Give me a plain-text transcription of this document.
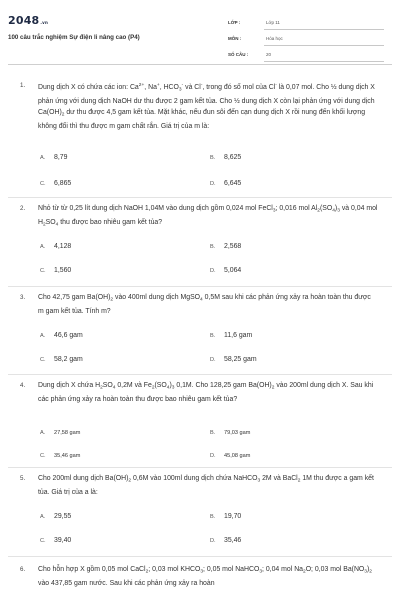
2048.vn
100 câu trắc nghiệm Sự điện li nâng cao (P4)
LỚP :	Lớp 11
MÔN :	Hóa học
SỐ CÂU :	20
1. Dung dịch X có chứa các ion: $Ca^{2+}$, Na+, $HCO_3^-$ và Cl-, trong đó số mol của Cl- là 0,07 mol. Cho ½ dung dịch X phản ứng với dung dịch NaOH dư thu được 2 gam kết tủa. Cho ½ dung dịch X còn lại phản ứng với dung dịch $Ca(OH)_2$ dư thu được 4,5 gam kết tủa. Mặt khác, nếu đun sôi đến cạn dung dịch X rồi nung đến khối lượng không đổi thì thu được m gam chất rắn. Giá trị của m là:
A. 8,79	B. 8,625
C. 6,865	D. 6,645
2. Nhỏ từ từ 0,25 lít dung dịch NaOH 1,04M vào dung dịch gồm 0,024 mol FeCl$_3$; 0,016 mol $Al_2(SO_4)_3$ và 0,04 mol $H_2SO_4$ thu được bao nhiêu gam kết tủa?
A. 4,128	B. 2,568
C. 1,560	D. 5,064
3. Cho 42,75 gam $Ba(OH)_2$ vào 400ml dung dịch MgSO$_4$ 0,5M sau khi các phản ứng xảy ra hoàn toàn thu được m gam kết tủa. Tính m?
A. 46,6 gam	B. 11,6 gam
C. 58,2 gam	D. 58,25 gam
4. Dung dịch X chứa $H_2SO_4$ 0,2M và $Fe_2(SO_4)_3$ 0,1M. Cho 128,25 gam $Ba(OH)_2$ vào 200ml dung dịch X. Sau khi các phản ứng xảy ra hoàn toàn thu được bao nhiêu gam kết tủa?
A. 27,58 gam	B. 79,03 gam
C. 35,46 gam	D. 45,08 gam
5. Cho 200ml dung dịch $Ba(OH)_2$ 0,6M vào 100ml dung dịch chứa NaHCO$_3$ 2M và BaCl$_2$ 1M thu được a gam kết tủa. Giá trị của a là:
A. 29,55	B. 19,70
C. 39,40	D. 35,46
6. Cho hỗn hợp X gồm 0,05 mol CaCl$_2$; 0,03 mol $KHCO_3$; 0,05 mol NaHCO$_3$; 0,04 mol $Na_2O$; 0,03 mol $Ba(NO_3)_2$ vào 437,85 gam nước. Sau khi các phản ứng xảy ra hoàn
